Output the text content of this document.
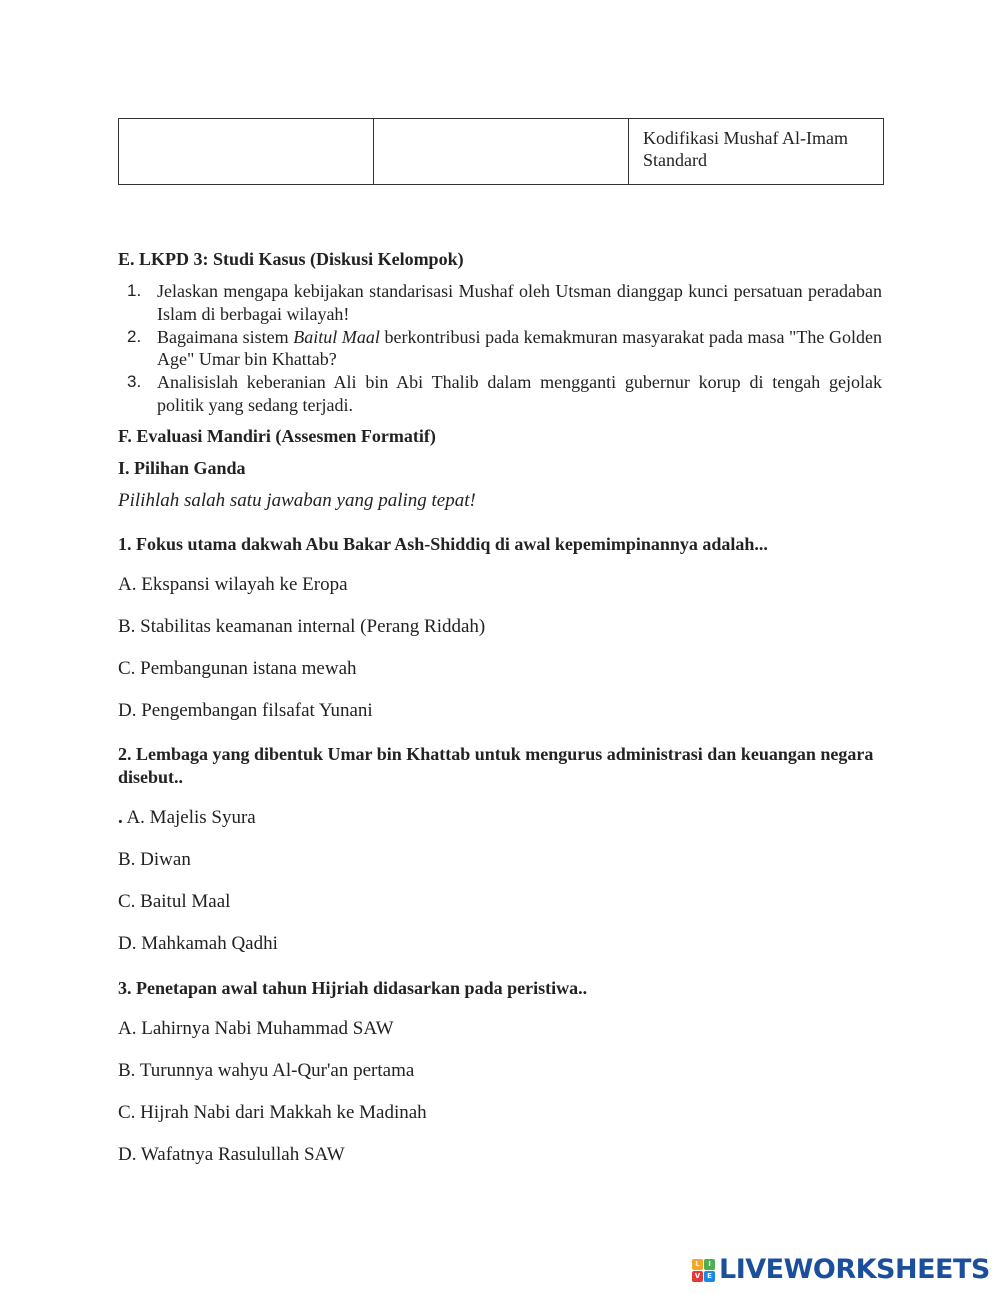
		Kodifikasi Mushaf Al-Imam Standard
E. LKPD 3: Studi Kasus (Diskusi Kelompok)
1. Jelaskan mengapa kebijakan standarisasi Mushaf oleh Utsman dianggap kunci persatuan peradaban Islam di berbagai wilayah!
2. Bagaimana sistem Baitul Maal berkontribusi pada kemakmuran masyarakat pada masa "The Golden Age" Umar bin Khattab?
3. Analisislah keberanian Ali bin Abi Thalib dalam mengganti gubernur korup di tengah gejolak politik yang sedang terjadi.
F. Evaluasi Mandiri (Assesmen Formatif)
I. Pilihan Ganda

Pilihlah salah satu jawaban yang paling tepat!

1. Fokus utama dakwah Abu Bakar Ash-Shiddiq di awal kepemimpinannya adalah...

A. Ekspansi wilayah ke Eropa

B. Stabilitas keamanan internal (Perang Riddah)

C. Pembangunan istana mewah

D. Pengembangan filsafat Yunani

2. Lembaga yang dibentuk Umar bin Khattab untuk mengurus administrasi dan keuangan negara disebut..

. A. Majelis Syura

B. Diwan

C. Baitul Maal

D. Mahkamah Qadhi

3. Penetapan awal tahun Hijriah didasarkan pada peristiwa..

A. Lahirnya Nabi Muhammad SAW

B. Turunnya wahyu Al-Qur'an pertama

C. Hijrah Nabi dari Makkah ke Madinah

D. Wafatnya Rasulullah SAW

L	I
V E LIVEWORKSHEETS
